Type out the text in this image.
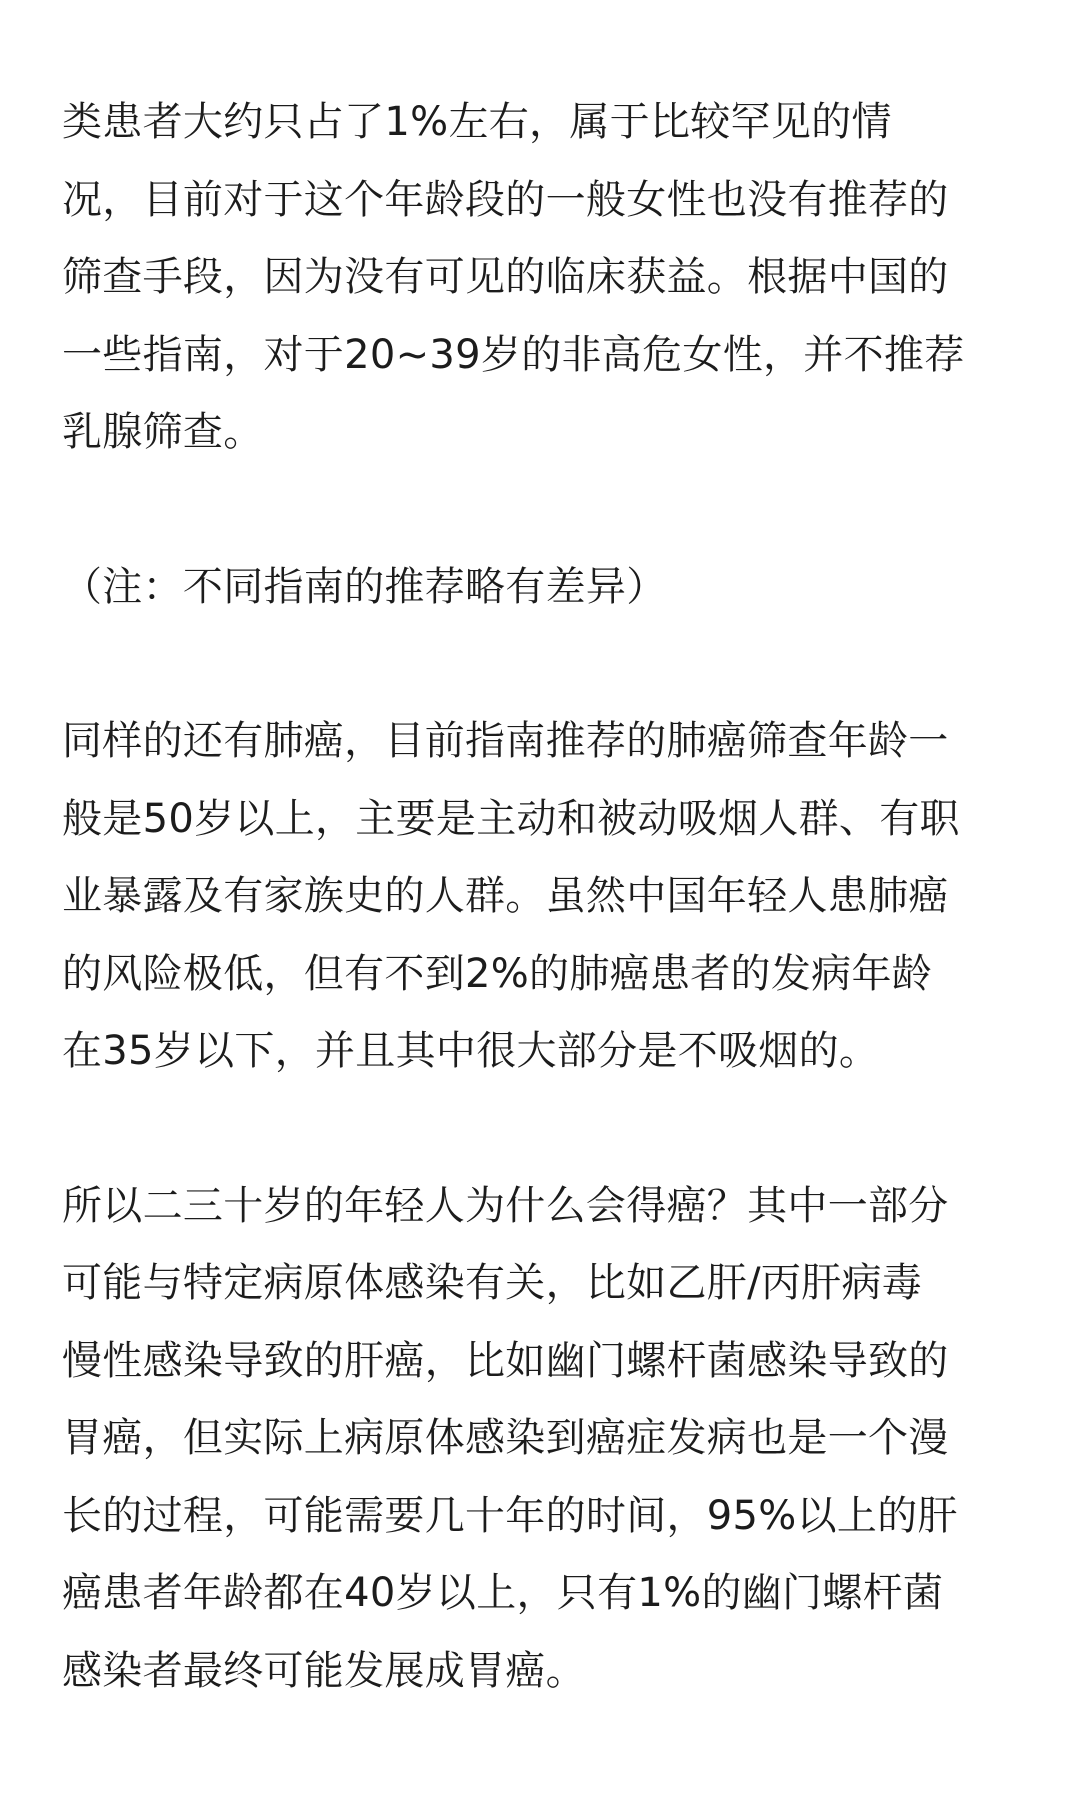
类患者大约只占了1%左右，属于比较罕见的情
况，目前对于这个年龄段的一般女性也没有推荐的
筛查手段，因为没有可见的临床获益。根据中国的
一些指南，对于20~39岁的非高危女性，并不推荐
乳腺筛查。

（注：不同指南的推荐略有差异）

同样的还有肺癌，目前指南推荐的肺癌筛查年龄一
般是50岁以上，主要是主动和被动吸烟人群、有职
业暴露及有家族史的人群。虽然中国年轻人患肺癌
的风险极低，但有不到2%的肺癌患者的发病年龄
在35岁以下，并且其中很大部分是不吸烟的。

所以二三十岁的年轻人为什么会得癌？其中一部分
可能与特定病原体感染有关，比如乙肝/丙肝病毒
慢性感染导致的肝癌，比如幽门螺杆菌感染导致的
胃癌，但实际上病原体感染到癌症发病也是一个漫
长的过程，可能需要几十年的时间，95%以上的肝
癌患者年龄都在40岁以上，只有1%的幽门螺杆菌
感染者最终可能发展成胃癌。
